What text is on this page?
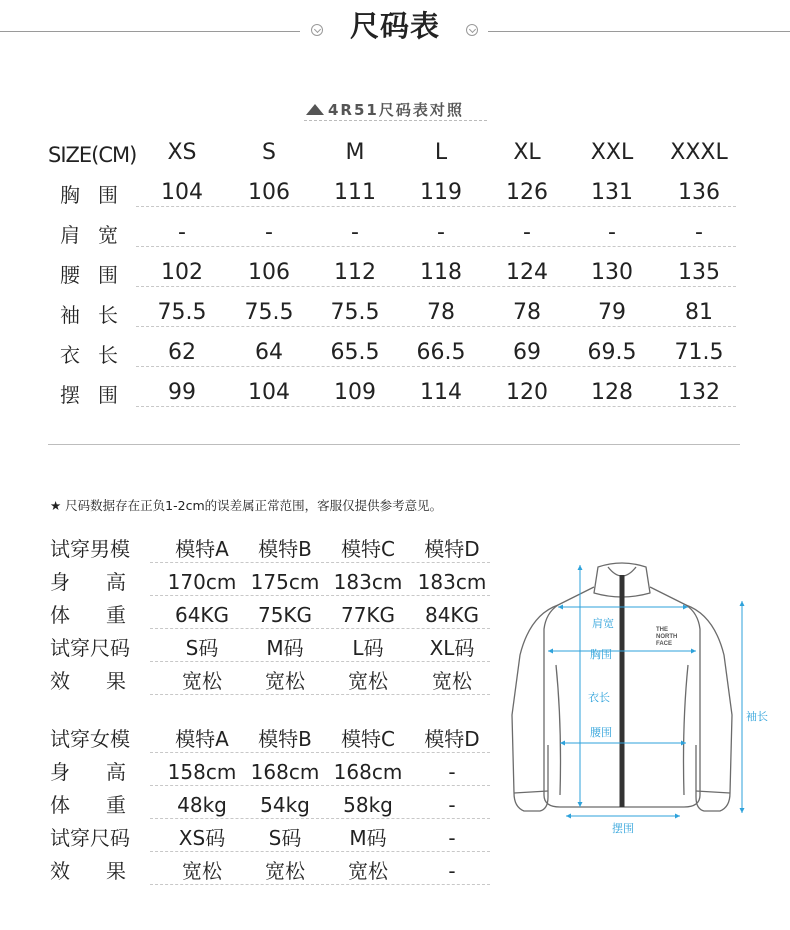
尺码表
4R51尺码表对照
SIZE(CM)	XS	S	M	L	XL	XXL	XXXL
胸围	104	106	111	119	126	131	136
肩宽	-	-	-	-	-	-	-
腰围	102	106	112	118	124	130	135
袖长 75.5	75.5	75.5	78	78	79	81
衣长	62	64	65.5	66.5	69	69.5	71.5
摆围	99	104	109	114	120	128	132
★ 尺码数据存在正负1-2cm的误差属正常范围，客服仅提供参考意见。
试穿男模	模特A	模特B	模特C	模特D
身高 170cm 175cm 183cm 183cm
体重 64KG	75KG	77KG	84KG
试穿尺码	S码	M码	L码	XL码
效果	宽松	宽松	宽松	宽松
试穿女模	模特A	模特B	模特C	模特D
身高 158cm 168cm 168cm	-
体重 48kg	54kg	58kg	-
试穿尺码	XS码	S码	M码	-
效果	宽松	宽松	宽松	-
THE
NORTH
FACE
肩宽
胸围
衣长
腰围
摆围
袖长
